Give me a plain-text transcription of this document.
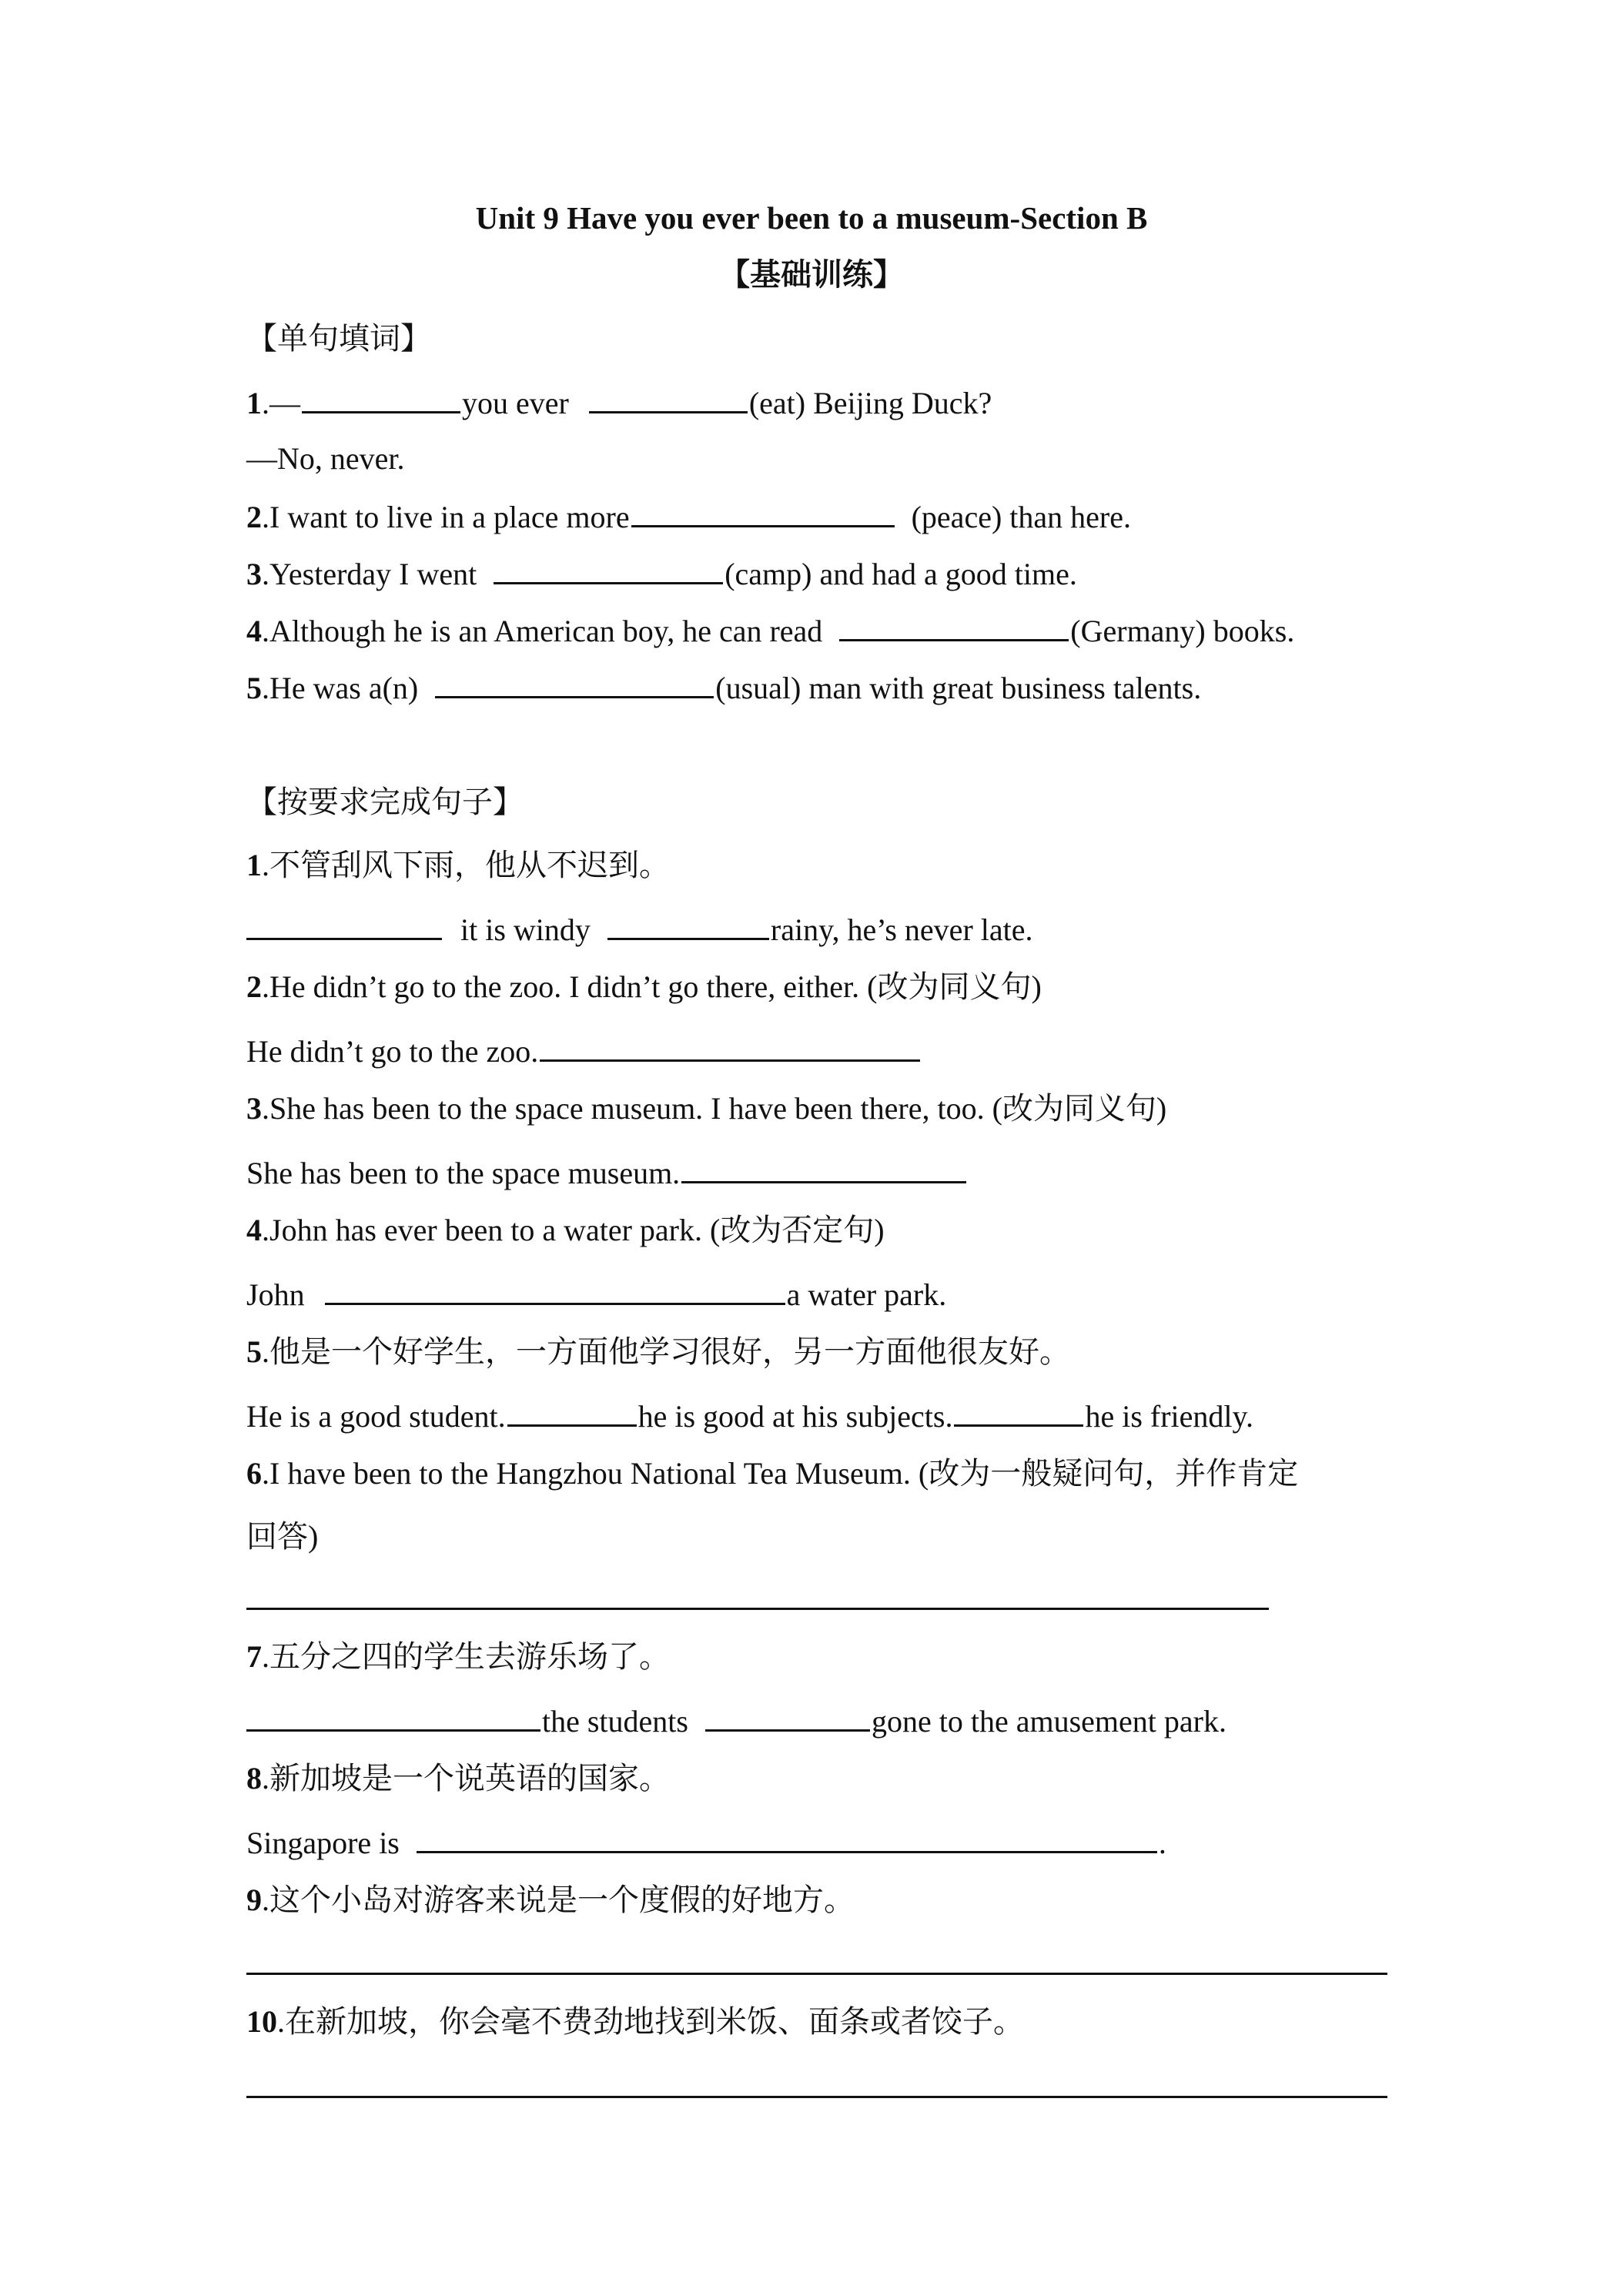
Unit 9 Have you ever been to a museum-Section B
【基础训练】
【单句填词】
1.—	you ever	(eat) Beijing Duck?
—No, never.
2.I want to live in a place more	(peace) than here.
3.Yesterday I went	(camp) and had a good time.
4.Although he is an American boy, he can read	(Germany) books.
5.He was a(n)	(usual) man with great business talents.
【按要求完成句子】
1.不管刮风下雨，他从不迟到。
it is windy	rainy, he’s never late.
2.He didn’t go to the zoo. I didn’t go there, either. (改为同义句)
He didn’t go to the zoo.
3.She has been to the space museum. I have been there, too. (改为同义句)
She has been to the space museum.
4.John has ever been to a water park. (改为否定句)
John	a water park.
5.他是一个好学生，一方面他学习很好，另一方面他很友好。
He is a good student.	he is good at his subjects.	he is friendly.
6.I have been to the Hangzhou National Tea Museum. (改为一般疑问句，并作肯定
回答)
7.五分之四的学生去游乐场了。
the students	gone to the amusement park.
8.新加坡是一个说英语的国家。
Singapore is	.
9.这个小岛对游客来说是一个度假的好地方。
10.在新加坡，你会毫不费劲地找到米饭、面条或者饺子。
